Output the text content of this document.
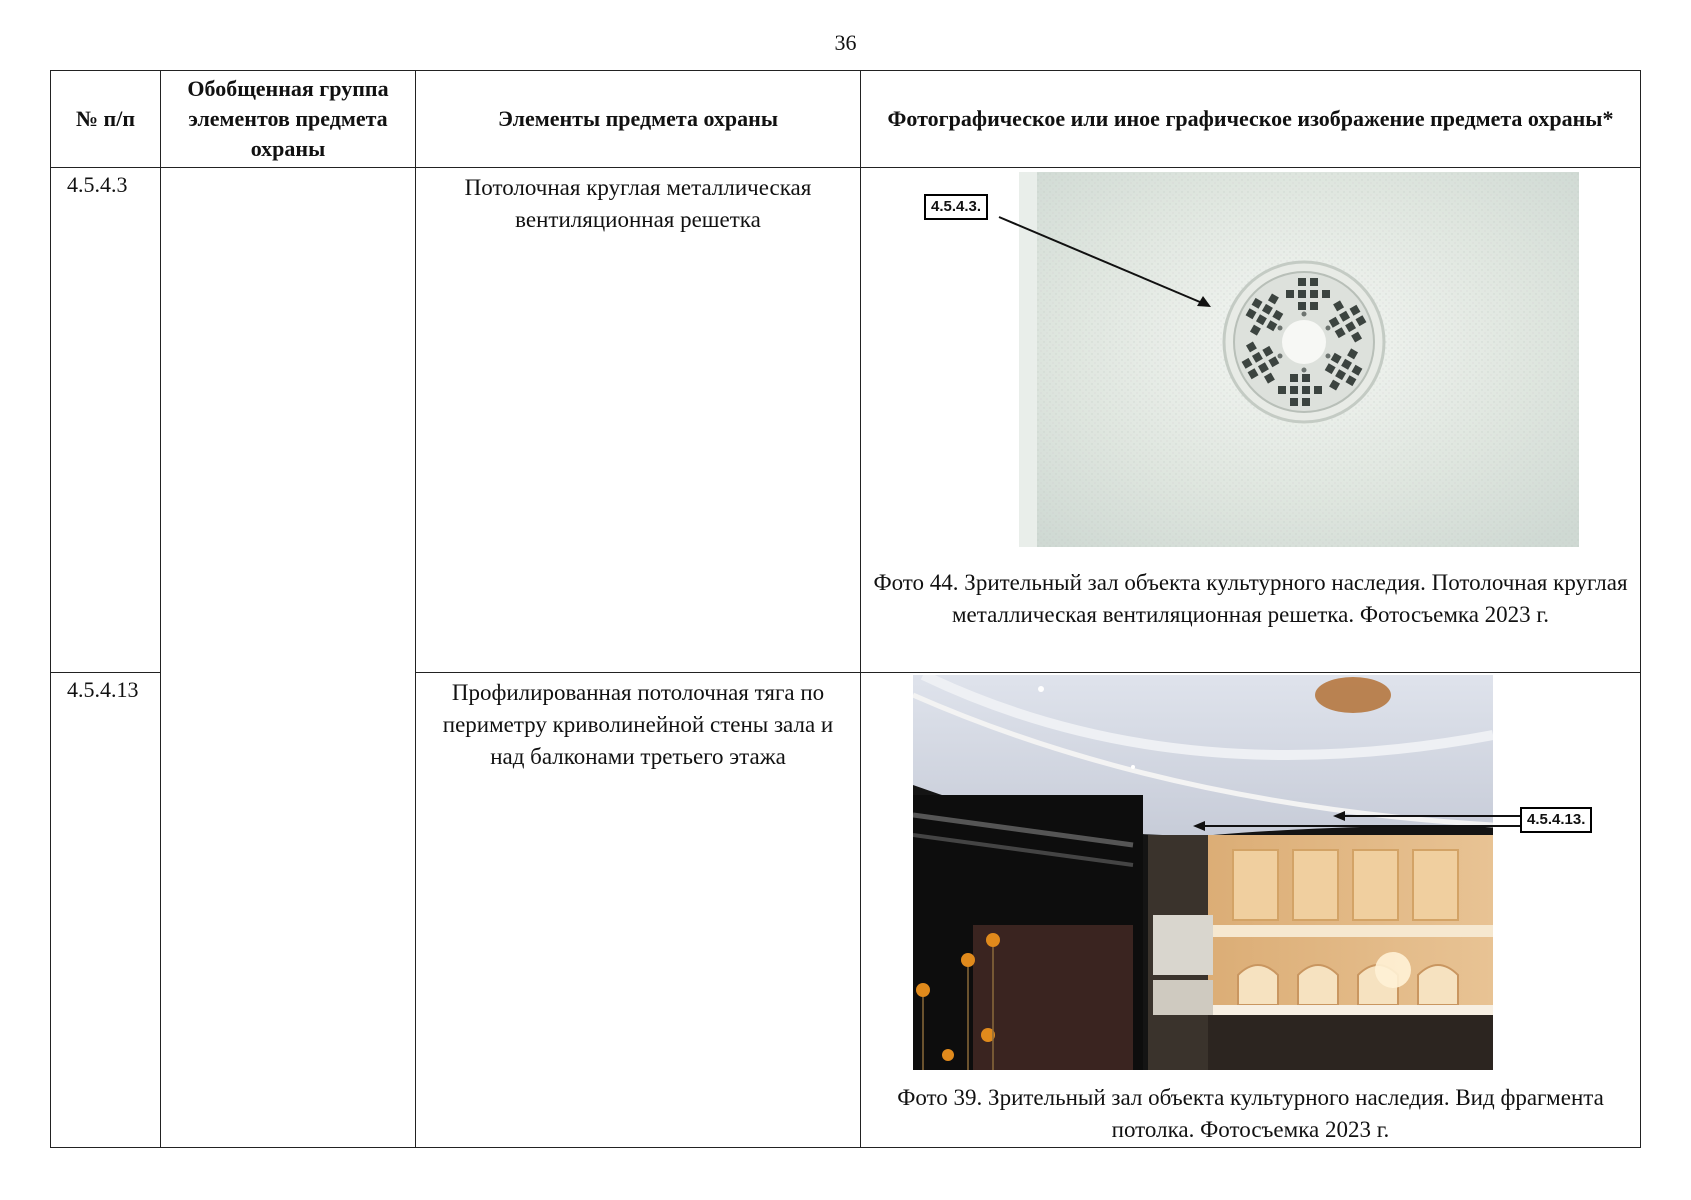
36
№ п/п	Обобщенная группа элементов предмета охраны	Элементы предмета охраны	Фотографическое или иное графическое изображение предмета охраны*
4.5.4.3		Потолочная круглая металлическая вентиляционная решетка	4.5.4.3.
Фото 44. Зрительный зал объекта культурного наследия. Потолочная круглая металлическая вентиляционная решетка. Фотосъемка 2023 г.

4.5.4.13		Профилированная потолочная тяга по периметру криволинейной стены зала и над балконами третьего этажа	4.5.4.13.
Фото 39. Зрительный зал объекта культурного наследия. Вид фрагмента потолка. Фотосъемка 2023 г.
